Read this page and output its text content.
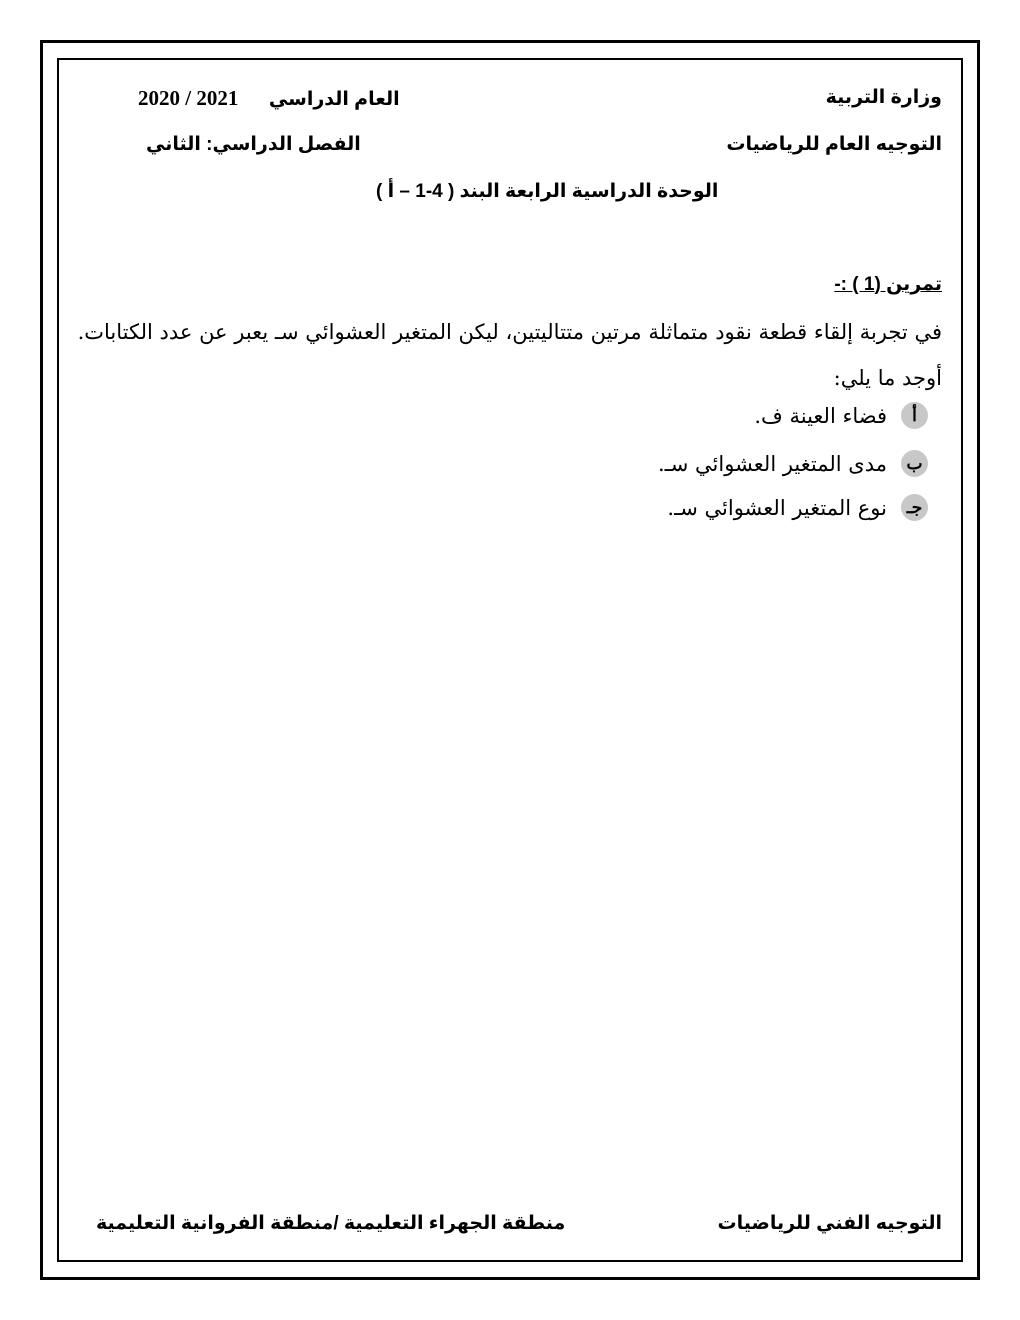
وزارة التربية
العام الدراسي  2021 / 2020
التوجيه العام للرياضيات
الفصل الدراسي: الثاني
الوحدة الدراسية الرابعة البند ( 4-1 – أ )
تمرين (1 ) :-
في تجربة إلقاء قطعة نقود متماثلة مرتين متتاليتين، ليكن المتغير العشوائي سـ يعبر عن عدد الكتابات.
أوجد ما يلي:
أ
فضاء العينة ف.
ب
مدى المتغير العشوائي سـ.
جـ
نوع المتغير العشوائي سـ.
التوجيه الفني للرياضيات
منطقة الجهراء التعليمية /منطقة الفروانية التعليمية
